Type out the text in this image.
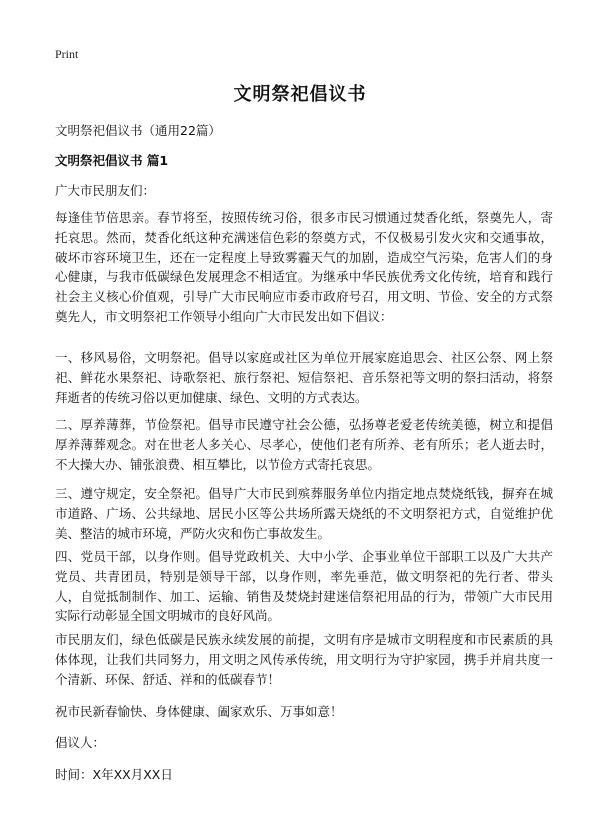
Print
文明祭祀倡议书
文明祭祀倡议书（通用22篇）
文明祭祀倡议书 篇1
广大市民朋友们：
每逢佳节倍思亲。春节将至，按照传统习俗，很多市民习惯通过焚香化纸，祭奠先人，寄托哀思。然而，焚香化纸这种充满迷信色彩的祭奠方式，不仅极易引发火灾和交通事故，破坏市容环境卫生，还在一定程度上导致雾霾天气的加剧，造成空气污染，危害人们的身心健康，与我市低碳绿色发展理念不相适宜。为继承中华民族优秀文化传统，培育和践行社会主义核心价值观，引导广大市民响应市委市政府号召，用文明、节俭、安全的方式祭奠先人，市文明祭祀工作领导小组向广大市民发出如下倡议：
一、移风易俗，文明祭祀。倡导以家庭或社区为单位开展家庭追思会、社区公祭、网上祭祀、鲜花水果祭祀、诗歌祭祀、旅行祭祀、短信祭祀、音乐祭祀等文明的祭扫活动，将祭拜逝者的传统习俗以更加健康、绿色、文明的方式表达。
二、厚养薄葬，节俭祭祀。倡导市民遵守社会公德，弘扬尊老爱老传统美德，树立和提倡厚养薄葬观念。对在世老人多关心、尽孝心，使他们老有所养、老有所乐；老人逝去时，不大操大办、铺张浪费、相互攀比，以节俭方式寄托哀思。
三、遵守规定，安全祭祀。倡导广大市民到殡葬服务单位内指定地点焚烧纸钱，摒弃在城市道路、广场、公共绿地、居民小区等公共场所露天烧纸的不文明祭祀方式，自觉维护优美、整洁的城市环境，严防火灾和伤亡事故发生。
四、党员干部，以身作则。倡导党政机关、大中小学、企事业单位干部职工以及广大共产党员、共青团员，特别是领导干部，以身作则，率先垂范，做文明祭祀的先行者、带头人，自觉抵制制作、加工、运输、销售及焚烧封建迷信祭祀用品的行为，带领广大市民用实际行动彰显全国文明城市的良好风尚。
市民朋友们，绿色低碳是民族永续发展的前提，文明有序是城市文明程度和市民素质的具体体现，让我们共同努力，用文明之风传承传统，用文明行为守护家园，携手并肩共度一个清新、环保、舒适、祥和的低碳春节！
祝市民新春愉快、身体健康、阖家欢乐、万事如意！
倡议人：
时间：X年XX月XX日
